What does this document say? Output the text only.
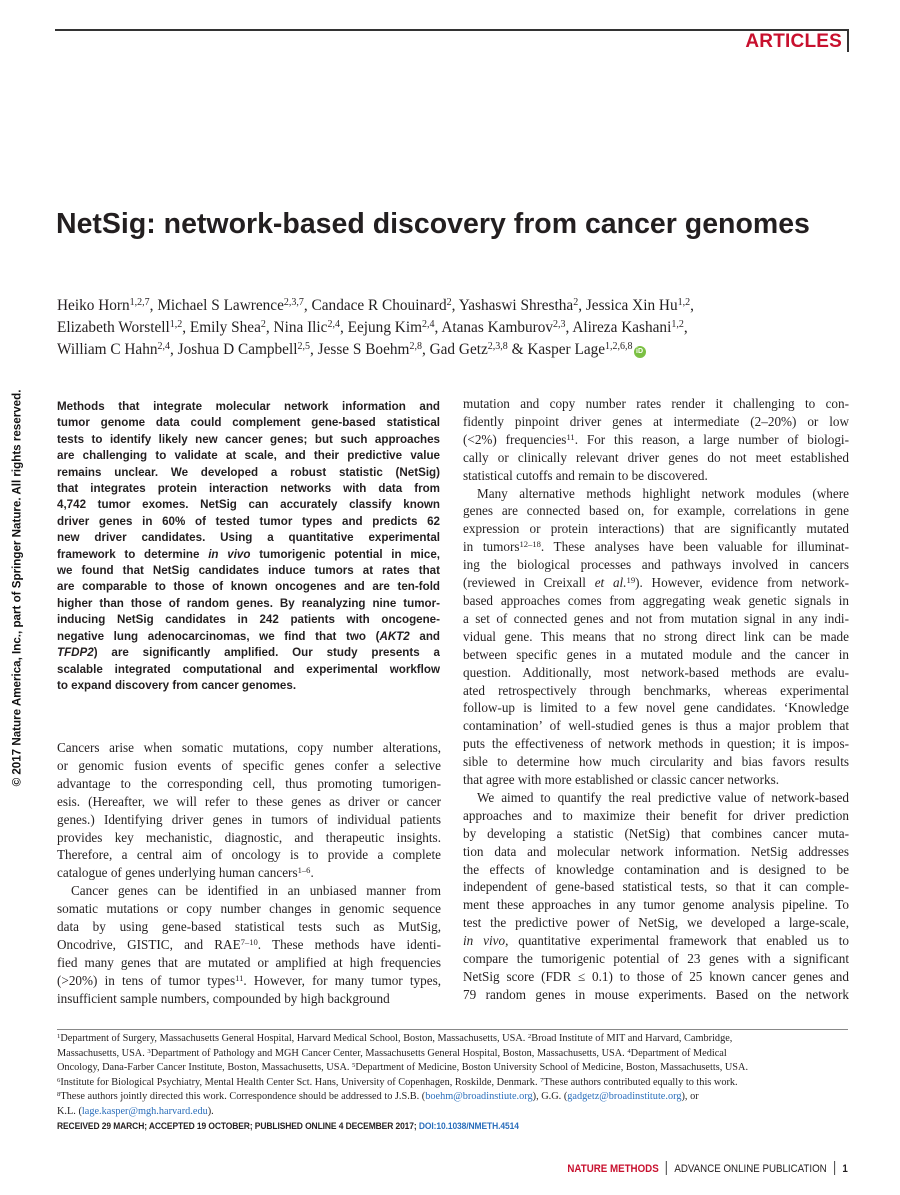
ARTICLES
© 2017 Nature America, Inc., part of Springer Nature. All rights reserved.
NetSig: network-based discovery from cancer genomes
Heiko Horn$^{1,2,7}$, Michael S Lawrence$^{2,3,7}$, Candace R Chouinard$^2$, Yashaswi Shrestha$^2$, Jessica Xin Hu$^{1,2}$,
Elizabeth Worstell$^{1,2}$, Emily Shea$^2$, Nina Ilic$^{2,4}$, Eejung Kim$^{2,4}$, Atanas Kamburov$^{2,3}$, Alireza Kashani$^{1,2}$,
William C Hahn$^{2,4}$, Joshua D Campbell$^{2,5}$, Jesse S Boehm$^{2,8}$, Gad Getz$^{2,3,8}$ & Kasper Lage$^{1,2,6,8}$ iD
Methods that integrate molecular network information and
tumor genome data could complement gene-based statistical
tests to identify likely new cancer genes; but such approaches
are challenging to validate at scale, and their predictive value
remains unclear. We developed a robust statistic (NetSig)
that integrates protein interaction networks with data from
4,742 tumor exomes. NetSig can accurately classify known
driver genes in 60% of tested tumor types and predicts 62
new driver candidates. Using a quantitative experimental
framework to determine in vivo tumorigenic potential in mice,
we found that NetSig candidates induce tumors at rates that
are comparable to those of known oncogenes and are ten-fold
higher than those of random genes. By reanalyzing nine tumor-
inducing NetSig candidates in 242 patients with oncogene-
negative lung adenocarcinomas, we find that two (AKT2 and
TFDP2) are significantly amplified. Our study presents a
scalable integrated computational and experimental workflow
to expand discovery from cancer genomes.
Cancers arise when somatic mutations, copy number alterations,
or genomic fusion events of specific genes confer a selective
advantage to the corresponding cell, thus promoting tumorigen-
esis. (Hereafter, we will refer to these genes as driver or cancer
genes.) Identifying driver genes in tumors of individual patients
provides key mechanistic, diagnostic, and therapeutic insights.
Therefore, a central aim of oncology is to provide a complete
catalogue of genes underlying human cancers$^{1-6}$.
Cancer genes can be identified in an unbiased manner from
somatic mutations or copy number changes in genomic sequence
data by using gene-based statistical tests such as MutSig,
Oncodrive, GISTIC, and RAE$^{7-10}$. These methods have identi-
fied many genes that are mutated or amplified at high frequencies
(>20%) in tens of tumor types$^{11}$. However, for many tumor types,
insufficient sample numbers, compounded by high background
mutation and copy number rates render it challenging to con-
fidently pinpoint driver genes at intermediate (2–20%) or low
(<2%) frequencies$^{11}$. For this reason, a large number of biologi-
cally or clinically relevant driver genes do not meet established
statistical cutoffs and remain to be discovered.
Many alternative methods highlight network modules (where
genes are connected based on, for example, correlations in gene
expression or protein interactions) that are significantly mutated
in tumors$^{12-18}$. These analyses have been valuable for illuminat-
ing the biological processes and pathways involved in cancers
(reviewed in Creixall et al.$^{19}$). However, evidence from network-
based approaches comes from aggregating weak genetic signals in
a set of connected genes and not from mutation signal in any indi-
vidual gene. This means that no strong direct link can be made
between specific genes in a mutated module and the cancer in
question. Additionally, most network-based methods are evalu-
ated retrospectively through benchmarks, whereas experimental
follow-up is limited to a few novel gene candidates. ‘Knowledge
contamination’ of well-studied genes is thus a major problem that
puts the effectiveness of network methods in question; it is impos-
sible to determine how much circularity and bias favors results
that agree with more established or classic cancer networks.
We aimed to quantify the real predictive value of network-based
approaches and to maximize their benefit for driver prediction
by developing a statistic (NetSig) that combines cancer muta-
tion data and molecular network information. NetSig addresses
the effects of knowledge contamination and is designed to be
independent of gene-based statistical tests, so that it can comple-
ment these approaches in any tumor genome analysis pipeline. To
test the predictive power of NetSig, we developed a large-scale,
in vivo, quantitative experimental framework that enabled us to
compare the tumorigenic potential of 23 genes with a significant
NetSig score (FDR ≤ 0.1) to those of 25 known cancer genes and
79 random genes in mouse experiments. Based on the network
$^1$Department of Surgery, Massachusetts General Hospital, Harvard Medical School, Boston, Massachusetts, USA. $^2$Broad Institute of MIT and Harvard, Cambridge,
Massachusetts, USA. $^3$Department of Pathology and MGH Cancer Center, Massachusetts General Hospital, Boston, Massachusetts, USA. $^4$Department of Medical
Oncology, Dana-Farber Cancer Institute, Boston, Massachusetts, USA. $^5$Department of Medicine, Boston University School of Medicine, Boston, Massachusetts, USA.
$^6$Institute for Biological Psychiatry, Mental Health Center Sct. Hans, University of Copenhagen, Roskilde, Denmark. $^7$These authors contributed equally to this work.
$^8$These authors jointly directed this work. Correspondence should be addressed to J.S.B. (boehm@broadinstiute.org), G.G. (gadgetz@broadinstitute.org), or
K.L. (lage.kasper@mgh.harvard.edu).
RECEIVED 29 MARCH; ACCEPTED 19 OCTOBER; PUBLISHED ONLINE 4 DECEMBER 2017; DOI:10.1038/NMETH.4514
NATURE METHODS ADVANCE ONLINE PUBLICATION 1
